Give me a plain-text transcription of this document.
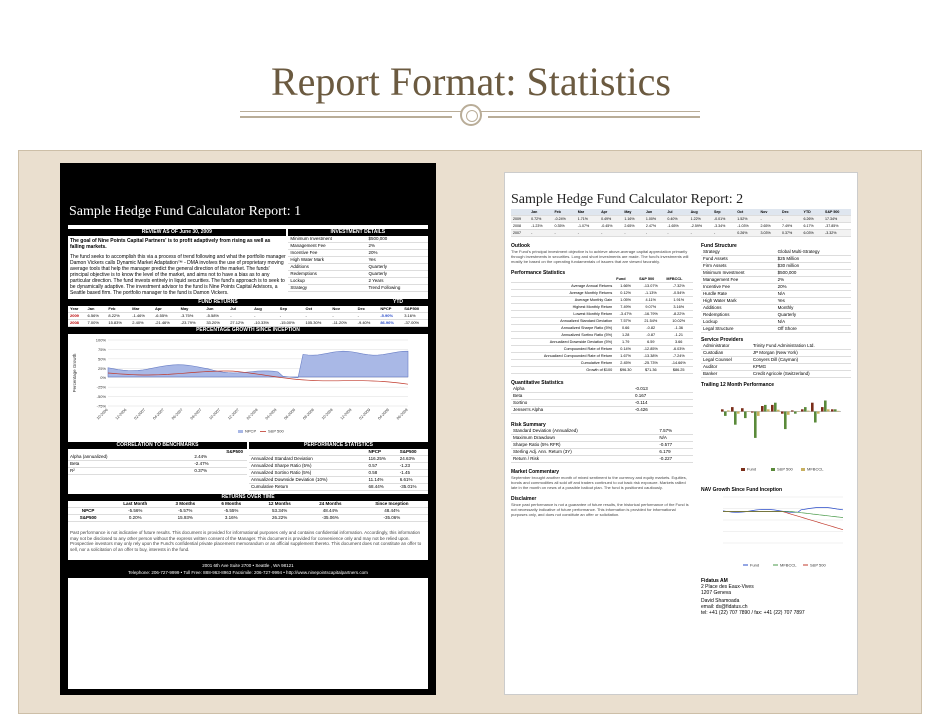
Report Format: Statistics
Sample Hedge Fund Calculator Report: 1
REVIEW AS OF June 30, 2009	INVESTMENT DETAILS
The goal of Nine Points Capital Partners' is to profit adaptively from rising as well as falling markets.
The fund seeks to accomplish this via a process of trend following and what the portfolio manager Damon Vickers calls Dynamic Market Adaptation™ - DMA involves the use of proprietary moving average tools that help the manager predict the general direction of the market. The funds' principal objective is to know the level of the market, and aims not to have a bias as to any particular direction. The fund invests entirely in liquid securities. The fund's approach is to seek to be dynamically adaptive. The investment advisor to the fund is Nine Points Capital Advisors, a Seattle based firm. The portfolio manager to the fund is Damon Vickers.
Minimum Investment	$500,000
Management Fee	2%
Incentive Fee	20%
High Water Mark	Yes
Additions	Quarterly
Redemptions	Quarterly
Lockup	2 Years
Strategy	Trend Following
FUND RETURNS	YTD
Year	Jan	Feb	Mar	Apr	May	Jun	Jul	Aug	Sep	Oct	Nov	Dec	NPCP	S&P500
2009	6.56%	8.22%	-1.46%	-6.55%	-3.75%	-5.58%	-	-	-	-	-	-	-5.90%	3.16%
2008	7.00%	15.83%	2.40%	-21.46%	-23.79%	33.20%	27.12%	-10.33%	-15.00%	105.30%	-11.20%	-9.40%	86.96%	-37.00%
PERCENTAGE GROWTH SINCE INCEPTION
100%
75%
50%
25%
0%
-25%
-50%
-75%
Percentage Growth
10-2006 12-2006 02-2007 04-2007 06-2007 08-2007 10-2007 12-2007 02-2008 04-2008 06-2008 08-2008 10-2008 12-2008 02-2009 04-2009 06-2009
NPCP	S&P 500
CORRELATION TO BENCHMARKS	PERFORMANCE STATISTICS
S&P500
Alpha (annualized)	2.44%
Beta	-2.47%
R²	0.37%
	NPCP	S&P500
Annualized Standard Deviation	116.25%	24.63%
Annualized Sharpe Ratio (5%)	0.57	-1.23
Annualized Sortino Ratio (5%)	0.58	-1.45
Annualized Downside Deviation (10%)	11.14%	6.61%
Cumulative Return	68.44%	-35.01%
RETURNS OVER TIME
	Last Month	3 Months	6 Months	12 Months	24 Months	Since Inception
NPCP	-5.56%	-5.57%	-5.55%	53.34%	48.44%	48.44%
S&P500	0.20%	15.93%	3.16%	26.22%	-35.06%	-35.06%
Past performance is not indicative of future results. This document is provided for informational purposes only and contains confidential information. Accordingly, this information may not be disclosed to any other person without the express written consent of the Manager. This document is provided for convenience only and may not be relied upon. Prospective investors may only rely upon the Fund's confidential private placement memorandum or an official supplement thereto. This document does not constitute an offer to sell, nor a solicitation of an offer to buy, interests in the fund.
2001 6th Ave Suite 2700 • Seattle , WA 98121
Telephone: 206-727-9999 • Toll Free: 888-963-8963 Facsimile: 206-727-9994 • http://www.ninepointscapitalpartners.com
Sample Hedge Fund Calculator Report: 2
	Jan	Feb	Mar	Apr	May	Jun	Jul	Aug	Sep	Oct	Nov	Dec	YTD	S&P 500
2009	0.72%	-0.24%	1.71%	0.49%	1.16%	1.00%	0.40%	1.22%	-0.01%	1.52%	-	-	6.26%	17.34%
2008	-1.23%	0.35%	-1.07%	-0.45%	2.65%	2.47%	-1.65%	-2.59%	-3.34%	-1.03%	2.65%	7.49%	6.17%	-37.85%
2007	-	-	-	-	-	-	-	-	-	0.26%	3.03%	0.37%	6.03%	-3.32%
Outlook
The Fund's principal investment objective is to achieve above-average capital appreciation primarily through investments in securities. Long and short investments are made. The fund's investments will mostly be based on the operating fundamentals of issuers that are viewed favorably.
Performance Statistics
	Fund	S&P 500	MFBCCL
Average Annual Returns	1.66%	-13.07%	-7.32%
Average Monthly Returns	0.12%	-1.13%	-0.54%
Average Monthly Gain	1.05%	4.11%	1.91%
Highest Monthly Return	7.49%	9.07%	3.16%
Lowest Monthly Return	-3.47%	-16.79%	-8.22%
Annualized Standard Deviation	7.57%	21.54%	10.02%
Annualized Sharpe Ratio (5%)	0.66	-0.82	-1.36
Annualized Sortino Ratio (5%)	1.28	-0.87	-1.21
Annualized Downside Deviation (5%)	1.79	6.59	3.66
Compounded Rate of Return	0.14%	-12.85%	-6.03%
Annualized Compounded Rate of Return	1.67%	-13.38%	-7.24%
Cumulative Return	2.45%	-25.73%	-14.66%
Growth of $100	$96.30	$71.36	$86.25
Quantitative Statistics
Alpha	-0.013
Beta	0.167
Sortino	-0.114
Jensen's Alpha	-0.426
Risk Summary
Standard Deviation (Annualized)	7.57%
Maximum Drawdown	N/A
Sharpe Ratio (5% RFR)	-0.577
Sterling Adj. Ann. Return (3Y)	6.179
Return / Risk	-0.227
Market Commentary
September brought another month of mixed sentiment to the currency and equity markets. Equities, bonds and commodities all sold off and traders continued to cut back risk exposure. Markets rallied late in the month on news of a possible bailout plan. The fund is positioned cautiously.
Disclaimer
Since past performance is not a guarantee of future results, the historical performance of the Fund is not necessarily indicative of future performance. This information is provided for informational purposes only, and does not constitute an offer or solicitation.
Fund Structure
Strategy	Global Multi-Strategy
Fund Assets	$25 Million
Firm Assets	$30 million
Minimum Investment	$500,000
Management Fee	2%
Incentive Fee	20%
Hurdle Rate	N/A
High Water Mark	Yes
Additions	Monthly
Redemptions	Quarterly
Lockup	N/A
Legal Structure	Off Shore
Service Providers
Administrator	Trinity Fund Administration Ltd.
Custodian	JP Morgan (New York)
Legal Counsel	Conyers Dill (Cayman)
Auditor	KPMG
Banker	Credit Agricole (Switzerland)
Trailing 12 Month Performance
Fund	S&P 500	MFBCCL
NAV Growth Since Fund Inception
Fund	MFBCCL	S&P 500
Fidatus AM
2 Place des Eaux-Vives
1207 Geneva
David Shamoada
email: ds@fidatus.ch
tel: +41 (22) 707 7890 / fax: +41 (22) 707 7897
